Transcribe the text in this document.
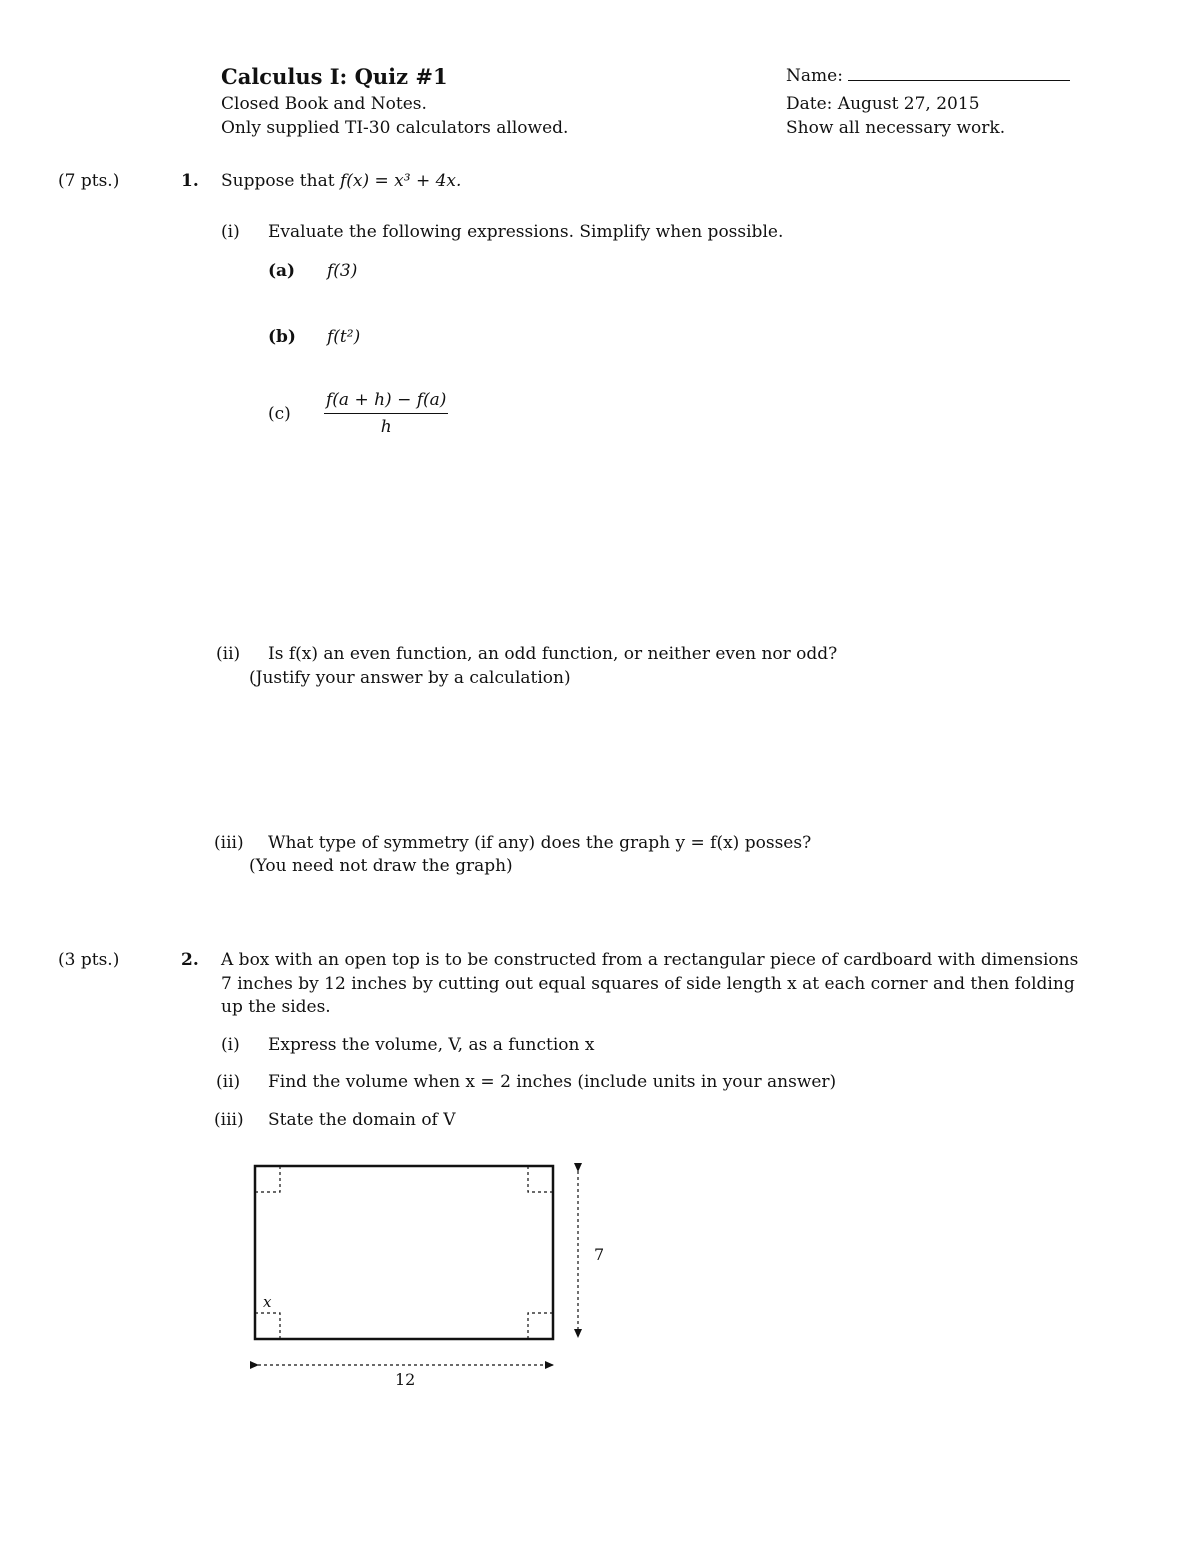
Calculus I: Quiz #1
Closed Book and Notes.
Only supplied TI-30 calculators allowed.
Name:
Date: August 27, 2015
Show all necessary work.
(7 pts.)	1. Suppose that f(x) = x³ + 4x.
(i) Evaluate the following expressions. Simplify when possible.
(a) f(3)
(b) f(t²)
$(c) \frac{f(a + h) - f(a)}{h}$
(ii) Is f(x) an even function, an odd function, or neither even nor odd?
(Justify your answer by a calculation)
(iii) What type of symmetry (if any) does the graph y = f(x) posses?
(You need not draw the graph)
(3 pts.)	2. A box with an open top is to be constructed from a rectangular piece of cardboard with dimensions
7 inches by 12 inches by cutting out equal squares of side length x at each corner and then folding
up the sides.
(i) Express the volume, V, as a function x
(ii) Find the volume when x = 2 inches (include units in your answer)
(iii) State the domain of V
7
12
x
